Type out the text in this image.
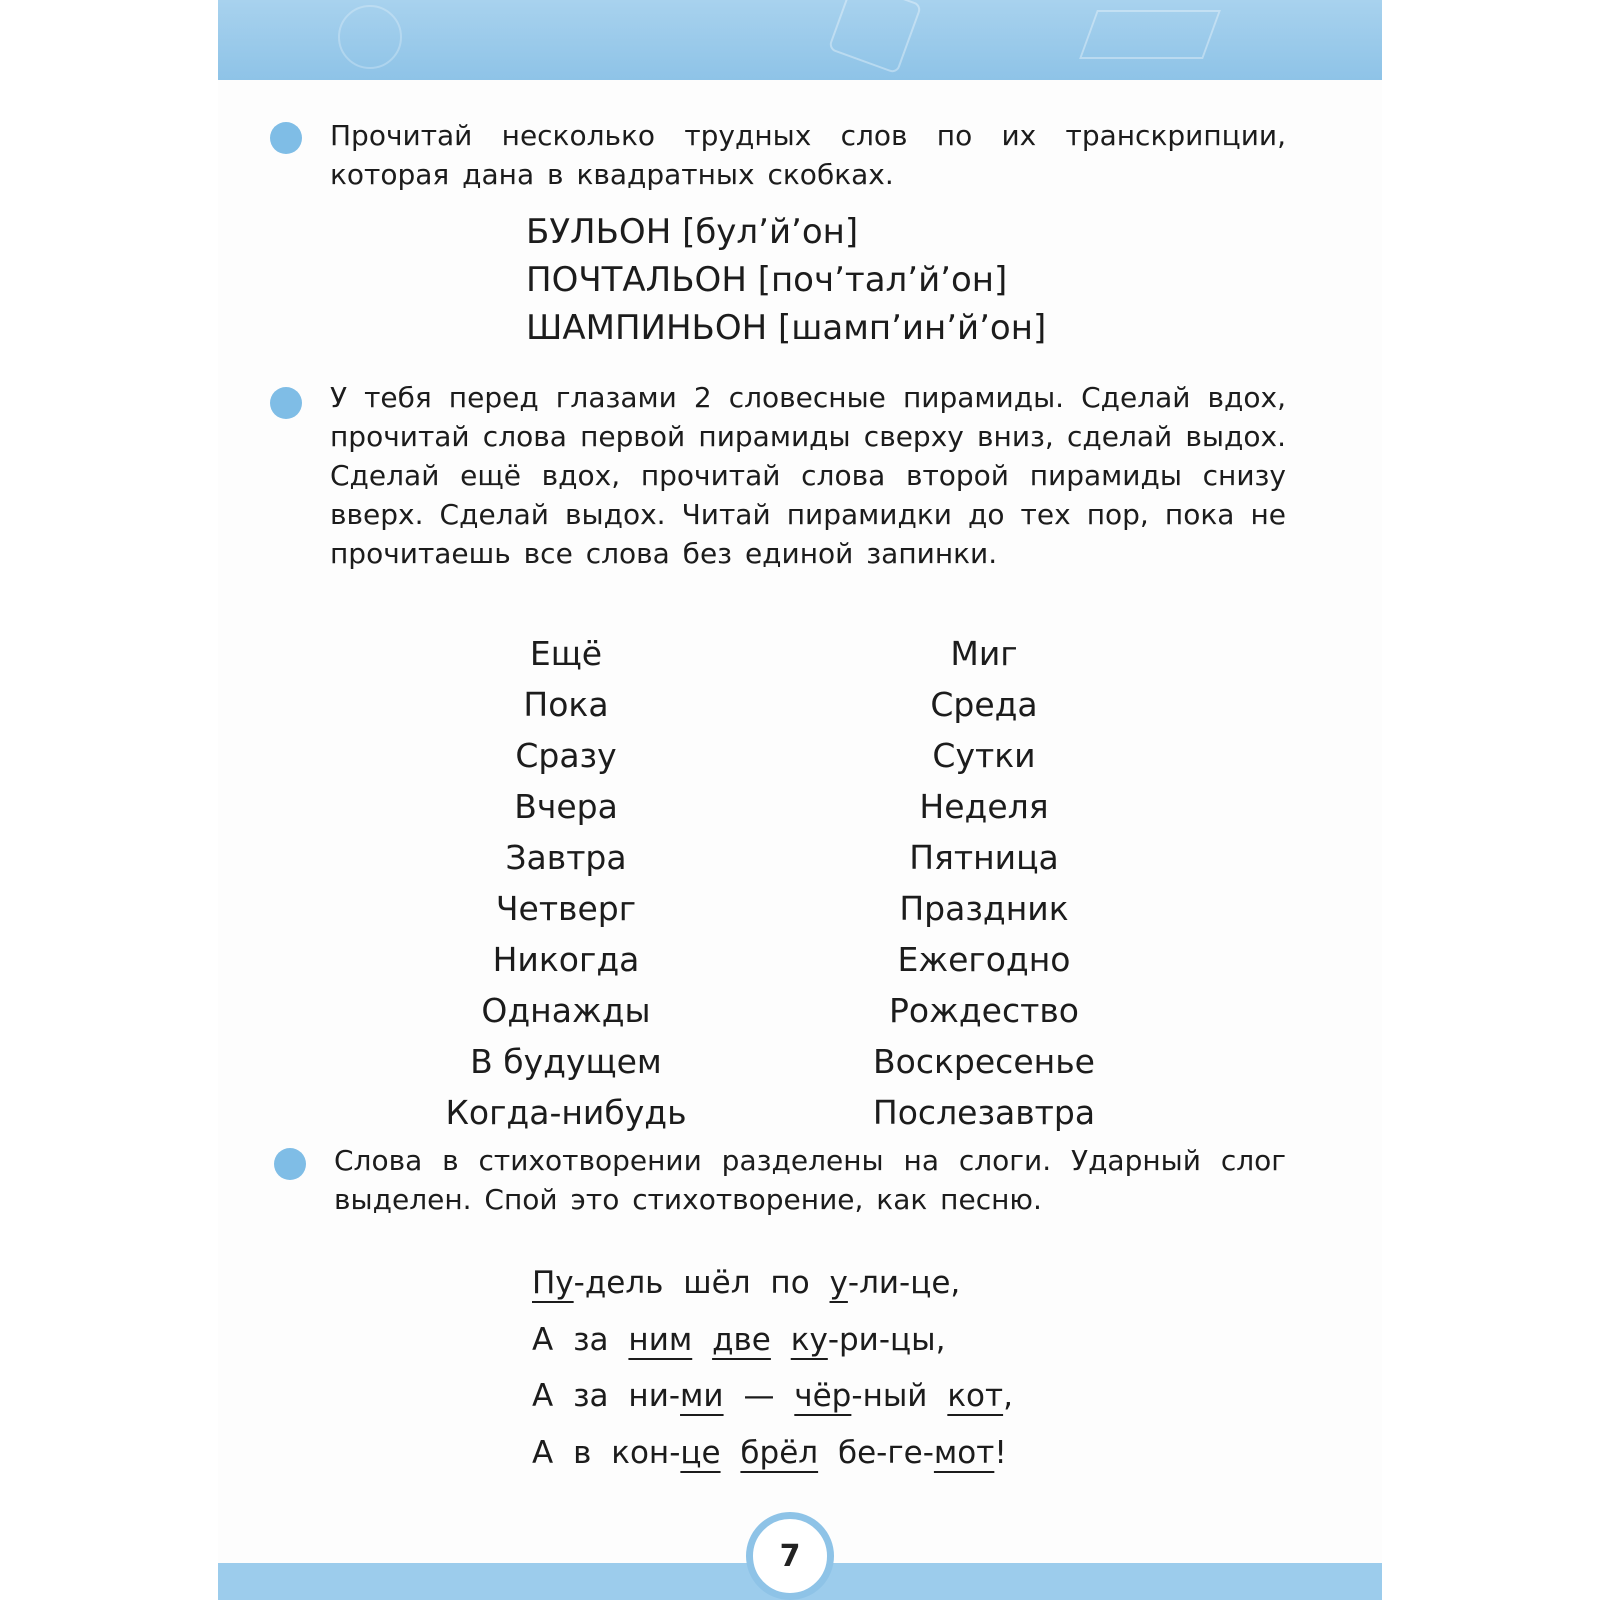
Прочитай несколько трудных слов по их транскрипции, которая дана в квадратных скобках.
БУЛЬОН [бул’й’он]
ПОЧТАЛЬОН [поч’тал’й’он]
ШАМПИНЬОН [шамп’ин’й’он]
У тебя перед глазами 2 словесные пирамиды. Сделай вдох, прочитай слова первой пирамиды сверху вниз, сделай выдох. Сделай ещё вдох, прочитай слова второй пирамиды снизу вверх. Сделай выдох. Читай пирамидки до тех пор, пока не прочитаешь все слова без единой запинки.
Ещё
Пока
Сразу
Вчера
Завтра
Четверг
Никогда
Однажды
В будущем
Когда-нибудь
Миг
Среда
Сутки
Неделя
Пятница
Праздник
Ежегодно
Рождество
Воскресенье
Послезавтра
Слова в стихотворении разделены на слоги. Ударный слог выделен. Спой это стихотворение, как песню.
Пу-дель шёл по у-ли-це,
А за ним две ку-ри-цы,
А за ни-ми — чёр-ный кот,
А в кон-це брёл бе-ге-мот!
7
